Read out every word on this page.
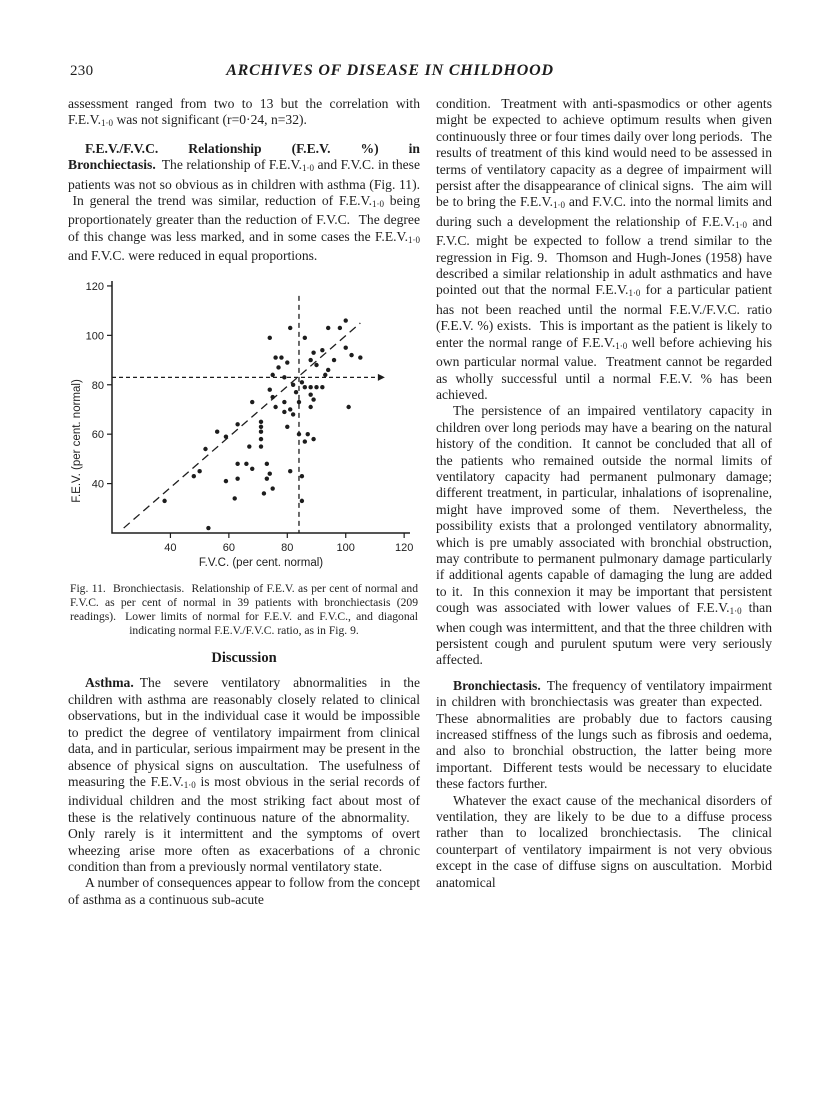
230	ARCHIVES OF DISEASE IN CHILDHOOD

assessment ranged from two to 13 but the correlation with $F.E.V._{1\cdot 0}$ was not significant (r=0·24, n=32).

F.E.V./F.V.C. Relationship (F.E.V. %) in Bronchiectasis. The relationship of $F.E.V._{1\cdot 0}$ and F.V.C. in these patients was not so obvious as in children with asthma (Fig. 11).  In general the trend was similar, reduction of $F.E.V._{1\cdot 0}$ being proportionately greater than the reduction of F.V.C.  The degree of this change was less marked, and in some cases the $F.E.V._{1\cdot 0}$ and F.V.C. were reduced in equal proportions.

40
60
80
100
120
40	60	80	100	120
F.V.C. (per cent. normal)
F.E.V. (per cent. normal)
Fig. 11.  Bronchiectasis.  Relationship of F.E.V. as per cent of normal and F.V.C. as per cent of normal in 39 patients with bronchiectasis (209 readings).  Lower limits of normal for F.E.V. and F.V.C., and diagonal indicating normal F.E.V./F.V.C. ratio, as in Fig. 9.
Discussion

Asthma. The severe ventilatory abnormalities in the children with asthma are reasonably closely related to clinical observations, but in the individual case it would be impossible to predict the degree of ventilatory impairment from clinical data, and in particular, serious impairment may be present in the absence of physical signs on auscultation.  The usefulness of measuring the $F.E.V._{1\cdot 0}$ is most obvious in the serial records of individual children and the most striking fact about most of these is the relatively continuous nature of the abnormality.  Only rarely is it intermittent and the symptoms of overt wheezing arise more often as exacerbations of a chronic condition than from a previously normal ventilatory state.

A number of consequences appear to follow from the concept of asthma as a continuous sub-acute

condition.  Treatment with anti-spasmodics or other agents might be expected to achieve optimum results when given continuously three or four times daily over long periods.  The results of treatment of this kind would need to be assessed in terms of ventilatory capacity as a degree of impairment will persist after the disappearance of clinical signs.  The aim will be to bring the $F.E.V._{1\cdot 0}$ and F.V.C. into the normal limits and during such a development the relationship of $F.E.V._{1\cdot 0}$ and F.V.C. might be expected to follow a trend similar to the regression in Fig. 9.  Thomson and Hugh-Jones (1958) have described a similar relationship in adult asthmatics and have pointed out that the normal $F.E.V._{1\cdot 0}$ for a particular patient has not been reached until the normal F.E.V./F.V.C. ratio (F.E.V. %) exists.  This is important as the patient is likely to enter the normal range of $F.E.V._{1\cdot 0}$ well before achieving his own particular normal value.  Treatment cannot be regarded as wholly successful until a normal F.E.V. % has been achieved.

The persistence of an impaired ventilatory capacity in children over long periods may have a bearing on the natural history of the condition.  It cannot be concluded that all of the patients who remained outside the normal limits of ventilatory capacity had permanent pulmonary damage; different treatment, in particular, inhalations of isoprenaline, might have improved some of them.  Nevertheless, the possibility exists that a prolonged ventilatory abnormality, which is pre umably associated with bronchial obstruction, may contribute to permanent pulmonary damage particularly if additional agents capable of damaging the lung are added to it.  In this connexion it may be important that persistent cough was associated with lower values of $F.E.V._{1\cdot 0}$ than when cough was intermittent, and that the three children with persistent cough and purulent sputum were very seriously affected.

Bronchiectasis. The frequency of ventilatory impairment in children with bronchiectasis was greater than expected.  These abnormalities are probably due to factors causing increased stiffness of the lungs such as fibrosis and oedema, and also to bronchial obstruction, the latter being more important.  Different tests would be necessary to elucidate these factors further.

Whatever the exact cause of the mechanical disorders of ventilation, they are likely to be due to a diffuse process rather than to localized bronchiectasis.  The clinical counterpart of ventilatory impairment is not very obvious except in the case of diffuse signs on auscultation.  Morbid anatomical
